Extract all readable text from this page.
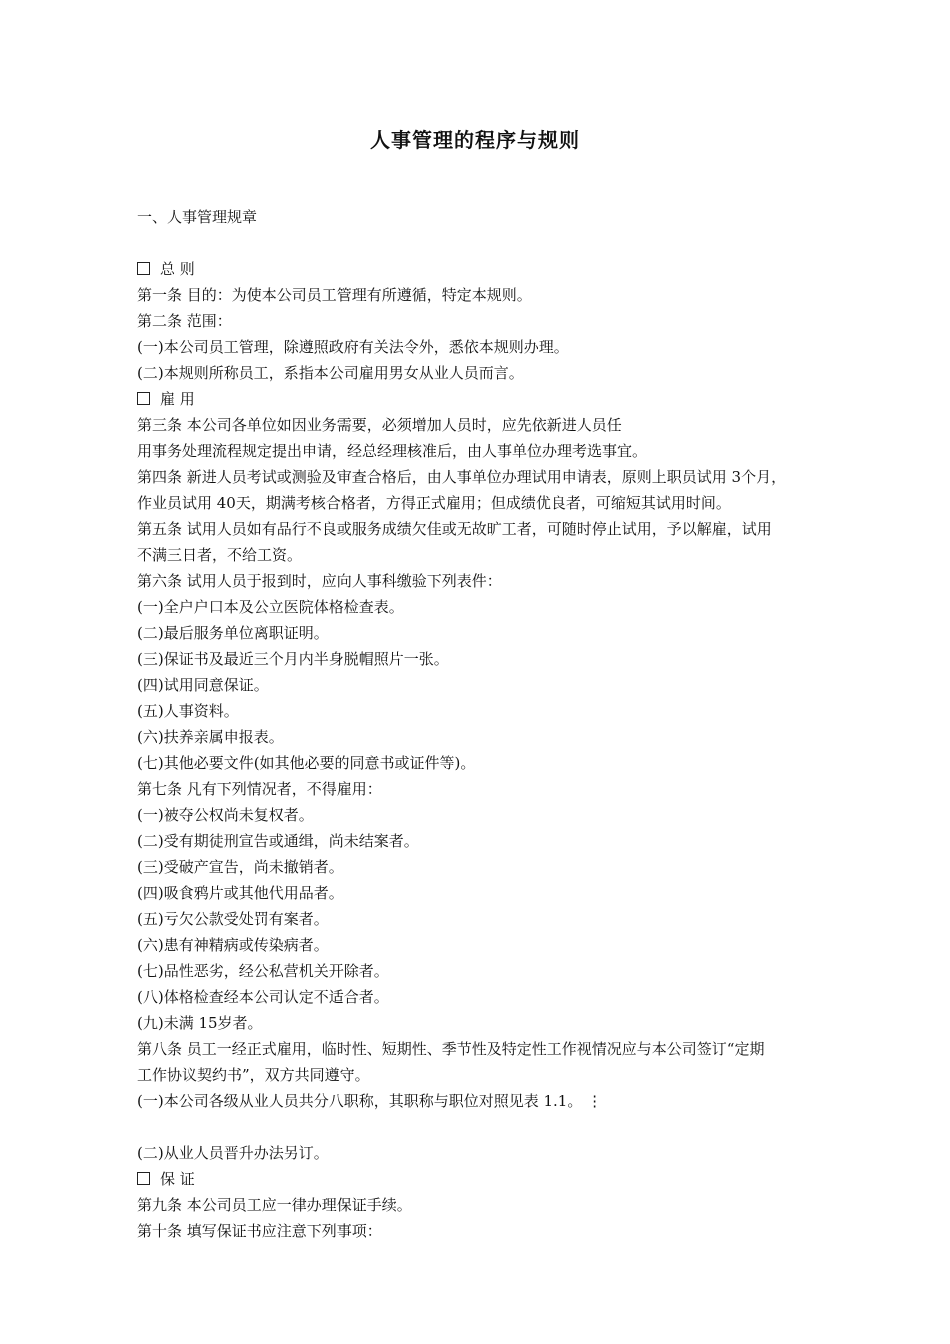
人事管理的程序与规则
一、人事管理规章
总 则
第一条 目的：为使本公司员工管理有所遵循，特定本规则。
第二条 范围：
(一)本公司员工管理，除遵照政府有关法令外，悉依本规则办理。
(二)本规则所称员工，系指本公司雇用男女从业人员而言。
雇 用
第三条 本公司各单位如因业务需要，必须增加人员时，应先依新进人员任
用事务处理流程规定提出申请，经总经理核准后，由人事单位办理考选事宜。
第四条 新进人员考试或测验及审查合格后，由人事单位办理试用申请表，原则上职员试用 3个月，
作业员试用 40天，期满考核合格者，方得正式雇用；但成绩优良者，可缩短其试用时间。
第五条 试用人员如有品行不良或服务成绩欠佳或无故旷工者，可随时停止试用，予以解雇，试用
不满三日者，不给工资。
第六条 试用人员于报到时，应向人事科缴验下列表件：
(一)全户户口本及公立医院体格检查表。
(二)最后服务单位离职证明。
(三)保证书及最近三个月内半身脱帽照片一张。
(四)试用同意保证。
(五)人事资料。
(六)扶养亲属申报表。
(七)其他必要文件(如其他必要的同意书或证件等)。
第七条 凡有下列情况者，不得雇用：
(一)被夺公权尚未复权者。
(二)受有期徒刑宣告或通缉，尚未结案者。
(三)受破产宣告，尚未撤销者。
(四)吸食鸦片或其他代用品者。
(五)亏欠公款受处罚有案者。
(六)患有神精病或传染病者。
(七)品性恶劣，经公私营机关开除者。
(八)体格检查经本公司认定不适合者。
(九)未满 15岁者。
第八条 员工一经正式雇用，临时性、短期性、季节性及特定性工作视情况应与本公司签订“定期
工作协议契约书”，双方共同遵守。
(一)本公司各级从业人员共分八职称，其职称与职位对照见表 1.1。 ⋮
(二)从业人员晋升办法另订。
保 证
第九条 本公司员工应一律办理保证手续。
第十条 填写保证书应注意下列事项：
